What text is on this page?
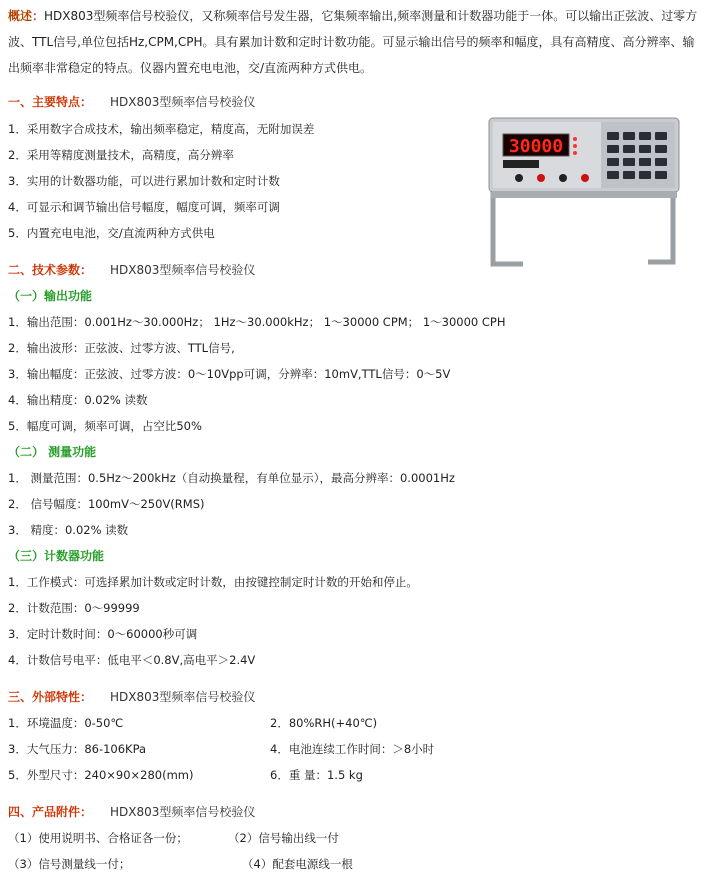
概述：HDX803型频率信号校验仪，又称频率信号发生器，它集频率输出,频率测量和计数器功能于一体。可以输出正弦波、过零方波、TTL信号,单位包括Hz,CPM,CPH。具有累加计数和定时计数功能。可显示输出信号的频率和幅度，具有高精度、高分辨率、输出频率非常稳定的特点。仪器内置充电电池，交/直流两种方式供电。

一、主要特点： HDX803型频率信号校验仪
1．采用数字合成技术，输出频率稳定，精度高，无附加误差
2．采用等精度测量技术，高精度，高分辨率
3．实用的计数器功能，可以进行累加计数和定时计数
4．可显示和调节输出信号幅度，幅度可调，频率可调
5．内置充电电池，交/直流两种方式供电
30000
二、技术参数： HDX803型频率信号校验仪
（一）输出功能
1．输出范围：0.001Hz～30.000Hz； 1Hz～30.000kHz； 1～30000 CPM； 1～30000 CPH
2．输出波形：正弦波、过零方波、TTL信号,
3．输出幅度：正弦波、过零方波：0～10Vpp可调，分辨率：10mV,TTL信号：0～5V
4．输出精度：0.02% 读数
5．幅度可调，频率可调，占空比50%
（二） 测量功能
1． 测量范围：0.5Hz～200kHz（自动换量程，有单位显示），最高分辨率：0.0001Hz
2． 信号幅度：100mV～250V(RMS)
3． 精度：0.02% 读数
（三）计数器功能
1．工作模式：可选择累加计数或定时计数，由按键控制定时计数的开始和停止。
2．计数范围：0～99999
3．定时计数时间：0～60000秒可调
4．计数信号电平：低电平＜0.8V,高电平＞2.4V
三、外部特性： HDX803型频率信号校验仪
1．环境温度：0-50℃	2．80%RH(+40℃)
3．大气压力：86-106KPa	4．电池连续工作时间：＞8小时
5．外型尺寸：240×90×280(mm)	6．重 量：1.5 kg
四、产品附件： HDX803型频率信号校验仪
（1）使用说明书、合格证各一份；	（2）信号输出线一付
（3）信号测量线一付；	（4）配套电源线一根
